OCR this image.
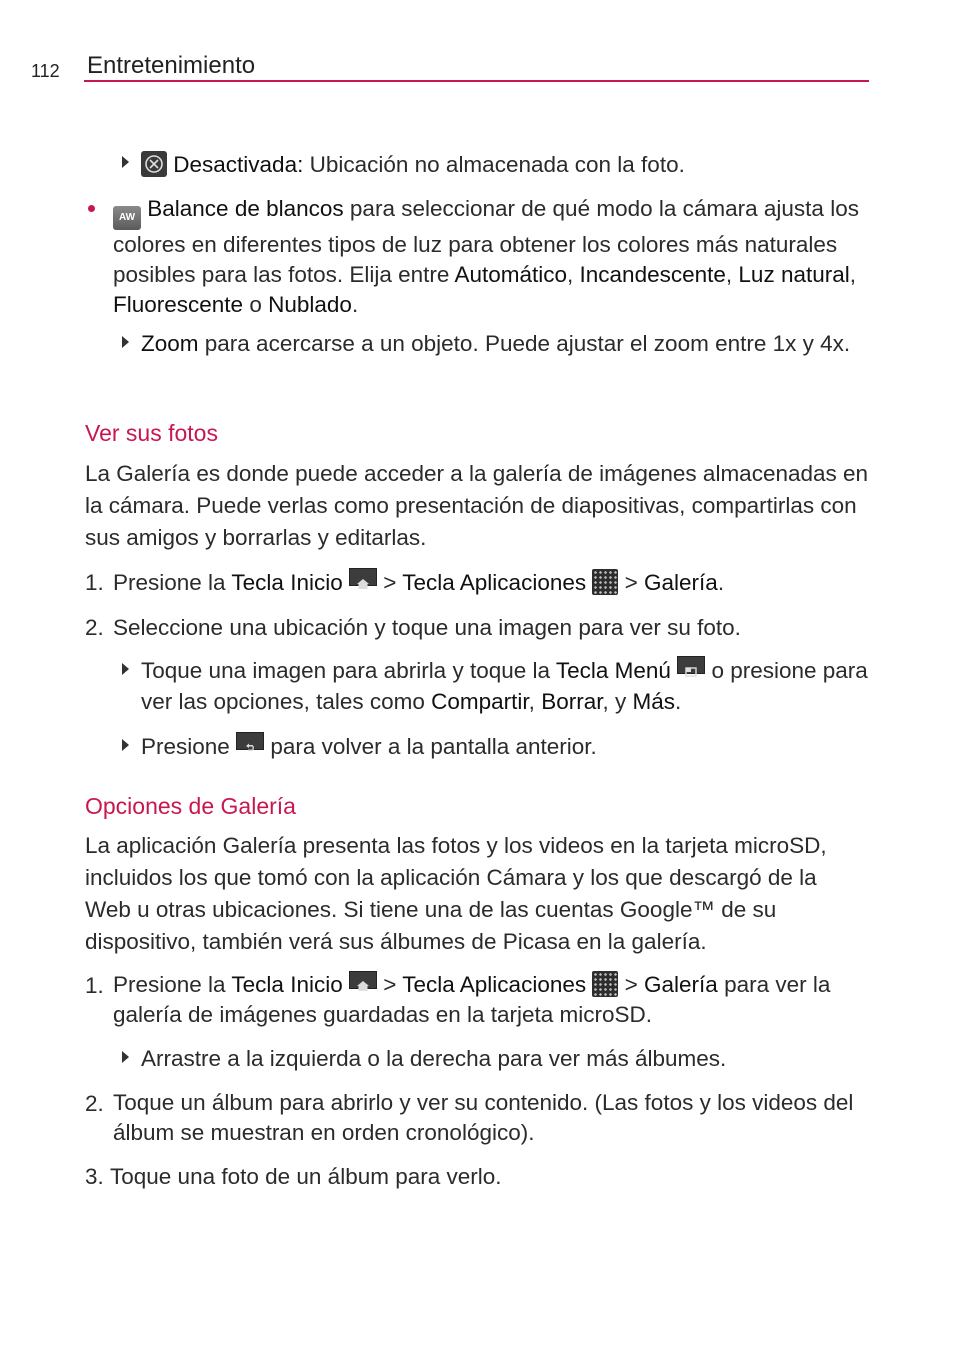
112 Entretenimiento

Desactivada: Ubicación no almacenada con la foto.

AW Balance de blancos para seleccionar de qué modo la cámara ajusta los colores en diferentes tipos de luz para obtener los colores más naturales posibles para las fotos. Elija entre Automático, Incandescente, Luz natural, Fluorescente o Nublado.

Zoom para acercarse a un objeto. Puede ajustar el zoom entre 1x y 4x.

Ver sus fotos

La Galería es donde puede acceder a la galería de imágenes almacenadas en la cámara. Puede verlas como presentación de diapositivas, compartirlas con sus amigos y borrarlas y editarlas.

1. Presione la Tecla Inicio  > Tecla Aplicaciones  > Galería.

2. Seleccione una ubicación y toque una imagen para ver su foto.

Toque una imagen para abrirla y toque la Tecla Menú  o presione para ver las opciones, tales como Compartir, Borrar, y Más.

Presione  para volver a la pantalla anterior.

Opciones de Galería

La aplicación Galería presenta las fotos y los videos en la tarjeta microSD, incluidos los que tomó con la aplicación Cámara y los que descargó de la Web u otras ubicaciones. Si tiene una de las cuentas Google™ de su dispositivo, también verá sus álbumes de Picasa en la galería.

1. Presione la Tecla Inicio  > Tecla Aplicaciones  > Galería para ver la galería de imágenes guardadas en la tarjeta microSD.

Arrastre a la izquierda o la derecha para ver más álbumes.

2. Toque un álbum para abrirlo y ver su contenido. (Las fotos y los videos del álbum se muestran en orden cronológico).

3. Toque una foto de un álbum para verlo.
